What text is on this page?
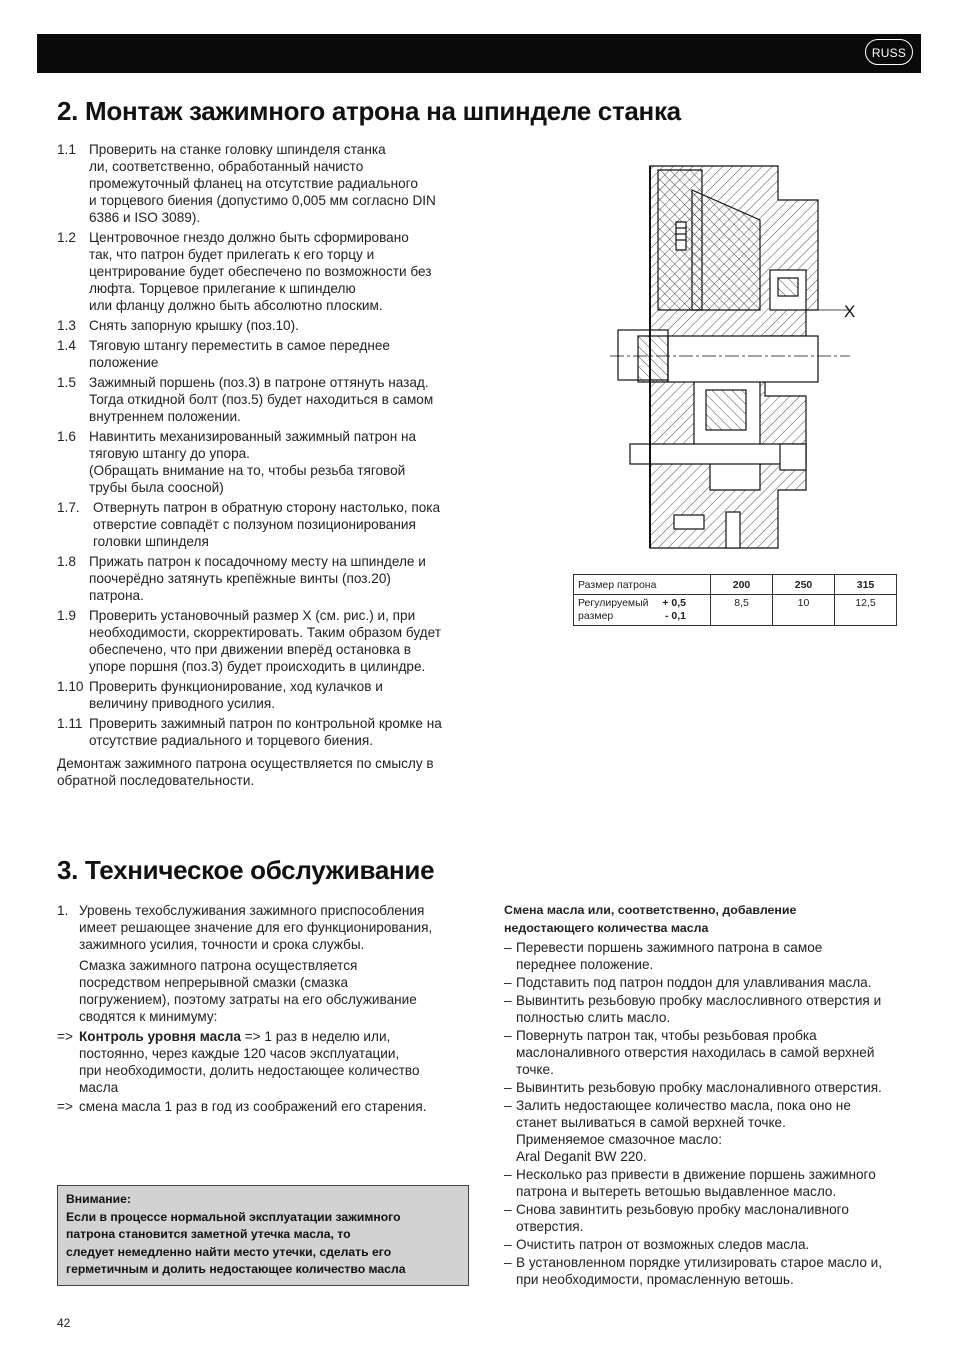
RUSS
2. Монтаж зажимного атрона на шпинделе станка
1.1 Проверить на станке головку шпинделя станка
ли, соответственно, обработанный начисто
промежуточный фланец на отсутствие радиального
и торцевого биения (допустимо 0,005 мм согласно DIN
6386 и ISO 3089).
1.2 Центровочное гнездо должно быть сформировано
так, что патрон будет прилегать к его торцу и
центрирование будет обеспечено по возможности без
люфта. Торцевое прилегание к шпинделю
или фланцу должно быть абсолютно плоским.
1.3 Снять запорную крышку (поз.10).
1.4 Тяговую штангу переместить в самое переднее
положение
1.5 Зажимный поршень (поз.3) в патроне оттянуть назад.
Тогда откидной болт (поз.5) будет находиться в самом
внутреннем положении.
1.6 Навинтить механизированный зажимный патрон на
тяговую штангу до упора.
(Обращать внимание на то, чтобы резьба тяговой
трубы была соосной)
1.7. Отвернуть патрон в обратную сторону настолько, пока
отверстие совпадёт с ползуном позиционирования
головки шпинделя
1.8 Прижать патрон к посадочному месту на шпинделе и
поочерёдно затянуть крепёжные винты (поз.20)
патрона.
1.9 Проверить установочный размер X (см. рис.) и, при
необходимости, скорректировать. Таким образом будет
обеспечено, что при движении вперёд остановка в
упоре поршня (поз.3) будет происходить в цилиндре.
1.10 Проверить функционирование, ход кулачков и
величину приводного усилия.
1.11 Проверить зажимный патрон по контрольной кромке на
отсутствие радиального и торцевого биения.
Демонтаж зажимного патрона осуществляется по смыслу в
обратной последовательности.
X
Размер патрона	200	250	315

Регулируемый + 0,5
размер - 0,1	8,5	10	12,5
3. Техническое обслуживание
1. Уровень техобслуживания зажимного приспособления
имеет решающее значение для его функционирования,
зажимного усилия, точности и срока службы.
Смазка зажимного патрона осуществляется
посредством непрерывной смазки (смазка
погружением), поэтому затраты на его обслуживание
сводятся к минимуму:
=> Контроль уровня масла => 1 раз в неделю или,
постоянно, через каждые 120 часов эксплуатации,
при необходимости, долить недостающее количество
масла
=> смена масла 1 раз в год из соображений его старения.
Внимание:
Если в процессе нормальной эксплуатации зажимного
патрона становится заметной утечка масла, то
следует немедленно найти место утечки, сделать его
герметичным и долить недостающее количество масла
Смена масла или, соответственно, добавление
недостающего количества масла
– Перевести поршень зажимного патрона в самое
переднее положение.
– Подставить под патрон поддон для улавливания масла.
– Вывинтить резьбовую пробку маслосливного отверстия и
полностью слить масло.
– Повернуть патрон так, чтобы резьбовая пробка
маслоналивного отверстия находилась в самой верхней
точке.
– Вывинтить резьбовую пробку маслоналивного отверстия.
– Залить недостающее количество масла, пока оно не
станет выливаться в самой верхней точке.
Применяемое смазочное масло:
Aral Deganit BW 220.
– Несколько раз привести в движение поршень зажимного
патрона и вытереть ветошью выдавленное масло.
– Снова завинтить резьбовую пробку маслоналивного
отверстия.
– Очистить патрон от возможных следов масла.
– В установленном порядке утилизировать старое масло и,
при необходимости, промасленную ветошь.
42
